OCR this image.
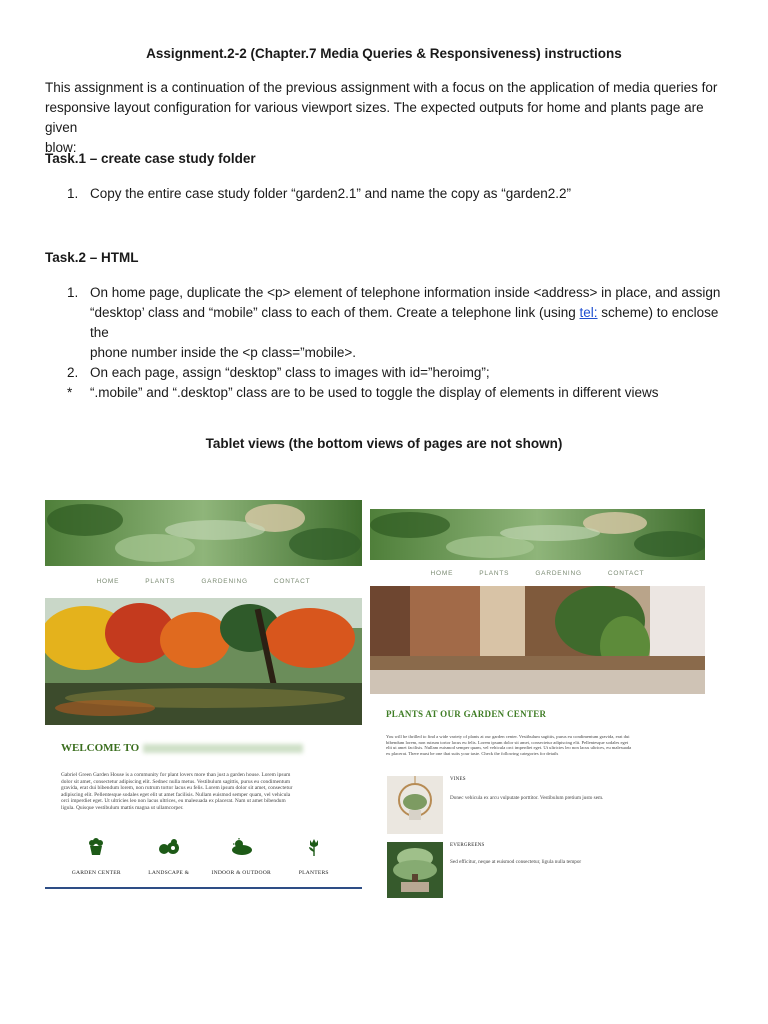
Assignment.2-2 (Chapter.7 Media Queries & Responsiveness) instructions
This assignment is a continuation of the previous assignment with a focus on the application of media queries for
responsive layout configuration for various viewport sizes. The expected outputs for home and plants page are given
blow:
Task.1 – create case study folder
1. Copy the entire case study folder “garden2.1” and name the copy as “garden2.2”
Task.2 – HTML
1. On home page, duplicate the <p> element of telephone information inside <address> in place, and assign
“desktop’ class and “mobile” class to each of them. Create a telephone link (using tel: scheme) to enclose the
phone number inside the <p class=”mobile>.
2. On each page, assign “desktop” class to images with id=”heroimg”;
* “.mobile” and “.desktop” class are to be used to toggle the display of elements in different views
Tablet views (the bottom views of pages are not shown)
HOME	PLANTS	GARDENING	CONTACT
WELCOME TO
Gabriel Green Garden House is a community for plant lovers more than just a garden house. Lorem ipsum
dolor sit amet, consectetur adipiscing elit. Sednec nulla metus. Vestibulum sagittis, purus eu condimentum
gravida, erat dui bibendum lorem, non rutrum tortor lacus eu felis. Lorem ipsum dolor sit amet, consectetur
adipiscing elit. Pellentesque sodales eget elit ut amet facilisis. Nullam euismod semper quam, vel vehicula
orci imperdiet eget. Ut ultricies leo non lacus ultrices, eu malesuada ex placerat. Nam ut amet bibendum
ligula. Quisque vestibulum mattis magna ut ullamcorper.
GARDEN CENTER	LANDSCAPE &	INDOOR & OUTDOOR	PLANTERS
HOME	PLANTS	GARDENING	CONTACT
PLANTS AT OUR GARDEN CENTER
You will be thrilled to find a wide variety of plants at our garden center. Vestibulum sagittis, purus eu condimentum gravida, erat dui
bibendum lorem, non rutrum tortor lacus eu felis. Lorem ipsum dolor sit amet, consectetur adipiscing elit. Pellentesque sodales eget
elit ut amet facilisis. Nullam euismod semper quam, vel vehicula orci imperdiet eget. Ut ultricies leo non lacus ultrices, eu malesuada
ex placerat. There must be one that suits your taste. Check the following categories for details
VINES
Donec vehicula ex arcu vulputate porttitor. Vestibulum pretium justo sem.
EVERGREENS
Sed efficitur, neque at euismod consectetur, ligula nulla tempor
